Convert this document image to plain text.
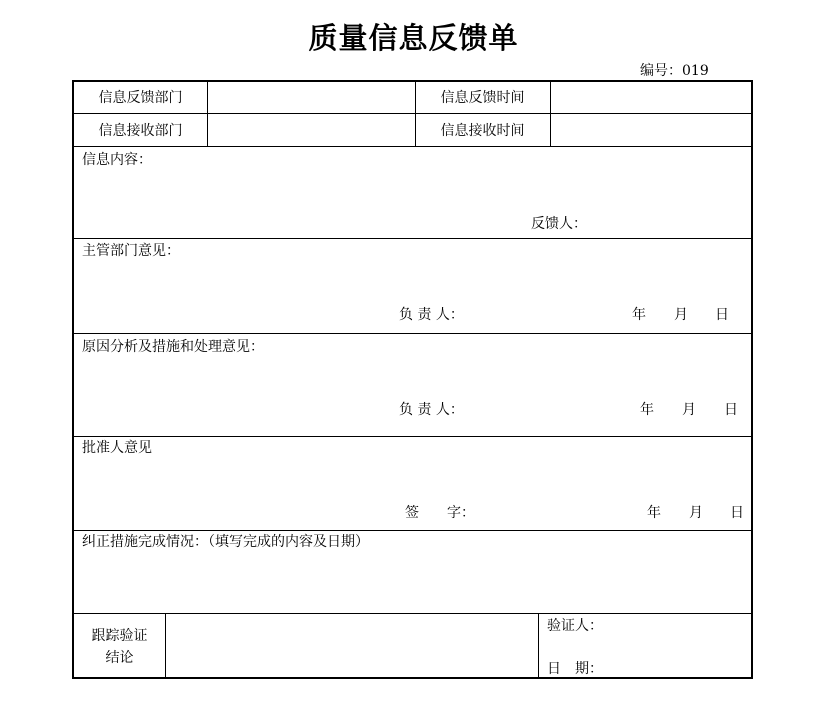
质量信息反馈单
编号：019
信息反馈部门	信息反馈时间
信息接收部门	信息接收时间
信息内容：
反馈人：
主管部门意见：
负 责 人：	年 月 日
原因分析及措施和处理意见：
负 责 人：	年 月 日
批准人意见
签　　字：	年 月 日
纠正措施完成情况：（填写完成的内容及日期）
跟踪验证
结论
验证人：
日　期：
